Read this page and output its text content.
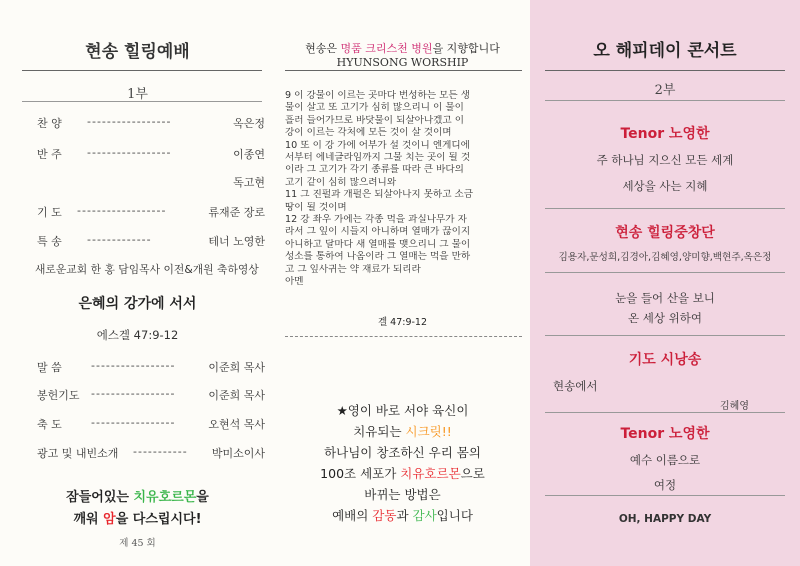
현송 힐링예배
1부
찬 양 -----------------	옥은정
반 주 -----------------	이종연
독고현
기 도 ------------------	류재준 장로
특 송 -------------	테너 노영한
새로운교회 한 홍 담임목사 이전&개원 축하영상
은혜의 강가에 서서
에스겔 47:9-12
말 씀	-----------------	이준희 목사
봉헌기도 -----------------	이준희 목사
축 도	-----------------	오현석 목사
광고 및 내빈소개 ----------- 박미소이사
잠들어있는 치유호르몬을
깨워 암을 다스립시다!
제 45 회
현송은 명품 크리스천 병원을 지향합니다
HYUNSONG WORSHIP
9 이 강물이 이르는 곳마다 번성하는 모든 생
물이 살고 또 고기가 심히 많으리니 이 물이
흘러 들어가므로 바닷물이 되살아나겠고 이
강이 이르는 각처에 모든 것이 살 것이며
10 또 이 강 가에 어부가 설 것이니 엔게디에
서부터 에네글라임까지 그물 치는 곳이 될 것
이라 그 고기가 각기 종류를 따라 큰 바다의
고기 같이 심히 많으려니와
11 그 진펄과 개펄은 되살아나지 못하고 소금
땅이 될 것이며
12 강 좌우 가에는 각종 먹을 과실나무가 자
라서 그 잎이 시들지 아니하며 열매가 끊이지
아니하고 달마다 새 열매를 맺으리니 그 물이
성소를 통하여 나옴이라 그 열매는 먹을 만하
고 그 잎사귀는 약 재료가 되리라
아멘
겔 47:9-12
★영이 바로 서야 육신이
치유되는 시크릿!!
하나님이 창조하신 우리 몸의
100조 세포가 치유호르몬으로
바뀌는 방법은
예배의 감동과 감사입니다
오 해피데이 콘서트
2부
Tenor 노영한
주 하나님 지으신 모든 세계
세상을 사는 지혜
현송 힐링중창단
김용자,문성희,김경아,김혜영,양미향,백현주,옥은정
눈을 들어 산을 보니
온 세상 위하여
기도 시낭송
현송에서
김혜영
Tenor 노영한
예수 이름으로
여정
OH, HAPPY DAY
